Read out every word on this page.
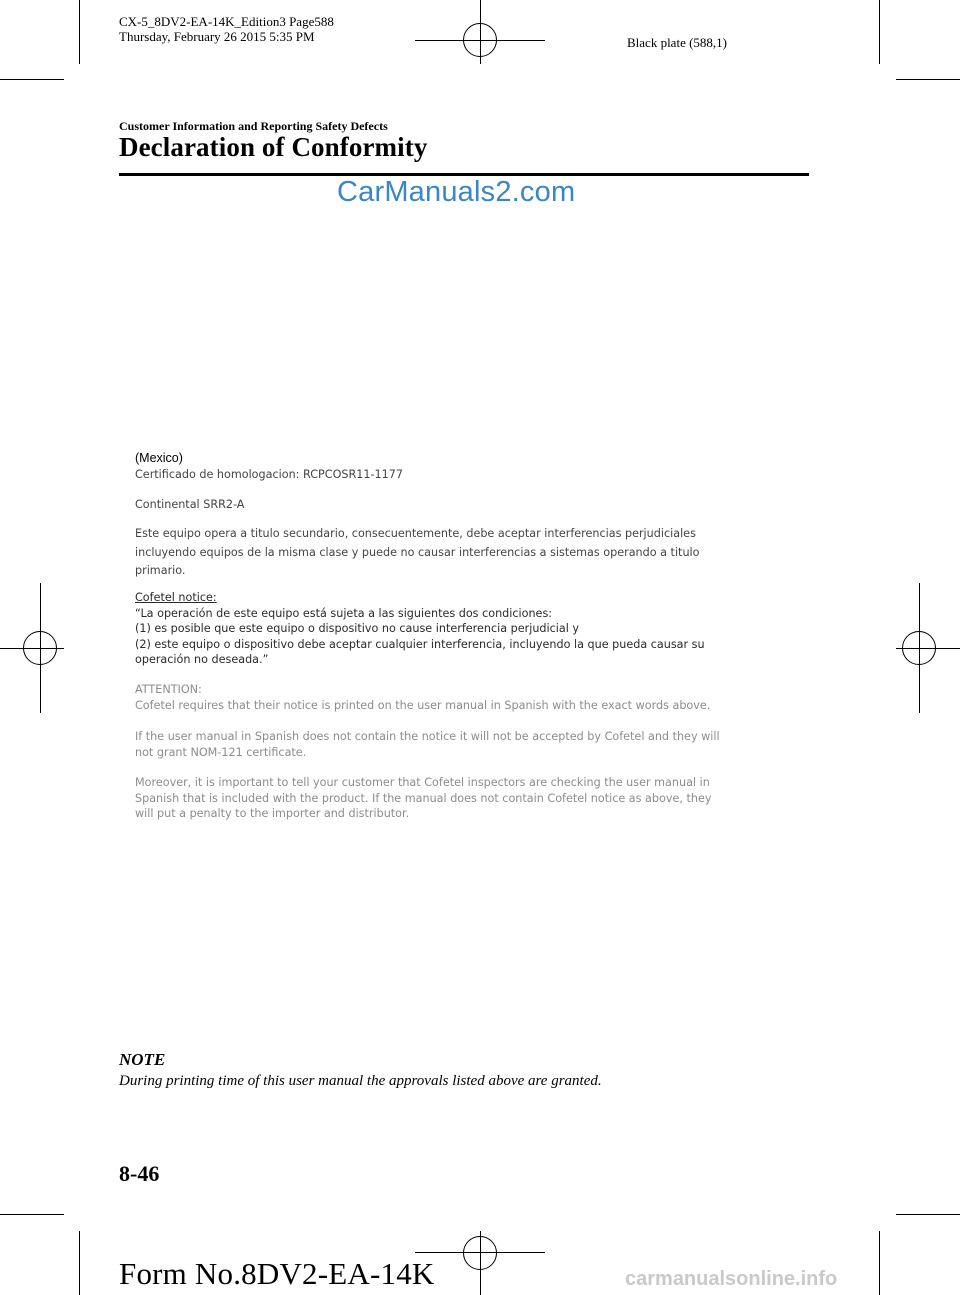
CX-5_8DV2-EA-14K_Edition3 Page588
Thursday, February 26 2015 5:35 PM	Black plate (588,1)
Customer Information and Reporting Safety Defects
Declaration of Conformity
CarManuals2.com
(Mexico)
Certificado de homologacion: RCPCOSR11-1177
Continental SRR2-A
Este equipo opera a titulo secundario, consecuentemente, debe aceptar interferencias perjudiciales
incluyendo equipos de la misma clase y puede no causar interferencias a sistemas operando a titulo
primario.
Cofetel notice:
“La operación de este equipo está sujeta a las siguientes dos condiciones:
(1) es posible que este equipo o dispositivo no cause interferencia perjudicial y
(2) este equipo o dispositivo debe aceptar cualquier interferencia, incluyendo la que pueda causar su
operación no deseada.”
ATTENTION:
Cofetel requires that their notice is printed on the user manual in Spanish with the exact words above.
If the user manual in Spanish does not contain the notice it will not be accepted by Cofetel and they will
not grant NOM-121 certificate.
Moreover, it is important to tell your customer that Cofetel inspectors are checking the user manual in
Spanish that is included with the product. If the manual does not contain Cofetel notice as above, they
will put a penalty to the importer and distributor.
NOTE
During printing time of this user manual the approvals listed above are granted.
8-46
Form No.8DV2-EA-14K	carmanualsonline.info
